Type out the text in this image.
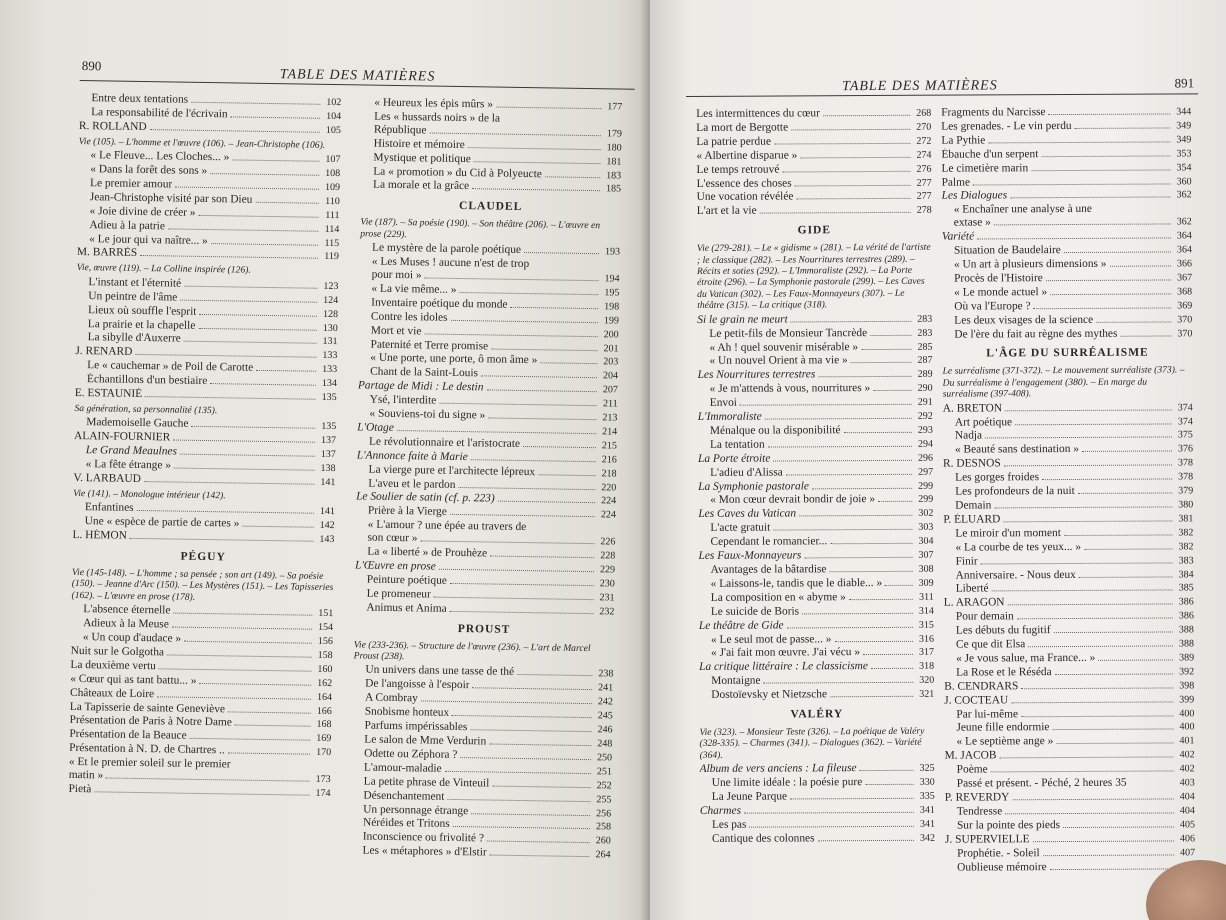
890
TABLE DES MATIÈRES
Entre deux tentations	102
La responsabilité de l'écrivain	104
R. ROLLAND	105
Vie (105). – L'homme et l'œuvre (106). – Jean-Christophe (106).
« Le Fleuve... Les Cloches... »	107
« Dans la forêt des sons »	108
Le premier amour	109
Jean-Christophe visité par son Dieu	110
« Joie divine de créer »	111
Adieu à la patrie	114
« Le jour qui va naître... »	115
M. BARRÈS	119
Vie, œuvre (119). – La Colline inspirée (126).
L'instant et l'éternité	123
Un peintre de l'âme	124
Lieux où souffle l'esprit	128
La prairie et la chapelle	130
La sibylle d'Auxerre	131
J. RENARD	133
Le « cauchemar » de Poil de Carotte	133
Échantillons d'un bestiaire	134
E. ESTAUNIÉ	135
Sa génération, sa personnalité (135).
Mademoiselle Gauche	135
ALAIN-FOURNIER	137
Le Grand Meaulnes	137
« La fête étrange »	138
V. LARBAUD	141
Vie (141). – Monologue intérieur (142).
Enfantines	141
Une « espèce de partie de cartes »	142
L. HÉMON	143
PÉGUY
Vie (145-148). – L'homme ; sa pensée ; son art (149). – Sa poésie (150). – Jeanne d'Arc (150). – Les Mystères (151). – Les Tapisseries (162). – L'œuvre en prose (178).
L'absence éternelle	151
Adieux à la Meuse	154
« Un coup d'audace »	156
Nuit sur le Golgotha	158
La deuxième vertu	160
« Cœur qui as tant battu... »	162
Châteaux de Loire	164
La Tapisserie de sainte Geneviève	166
Présentation de Paris à Notre Dame	168
Présentation de la Beauce	169
Présentation à N. D. de Chartres ..	170
« Et le premier soleil sur le premier
matin »	173
Pietà	174
« Heureux les épis mûrs »	177
Les « hussards noirs » de la
République	179
Histoire et mémoire	180
Mystique et politique	181
La « promotion » du Cid à Polyeucte	183
La morale et la grâce	185
CLAUDEL
Vie (187). – Sa poésie (190). – Son théâtre (206). – L'œuvre en prose (229).
Le mystère de la parole poétique	193
« Les Muses ! aucune n'est de trop
pour moi »	194
« La vie même... »	195
Inventaire poétique du monde	198
Contre les idoles	199
Mort et vie	200
Paternité et Terre promise	201
« Une porte, une porte, ô mon âme »	203
Chant de la Saint-Louis	204
Partage de Midi : Le destin	207
Ysé, l'interdite	211
« Souviens-toi du signe »	213
L'Otage	214
Le révolutionnaire et l'aristocrate	215
L'Annonce faite à Marie	216
La vierge pure et l'architecte lépreux	218
L'aveu et le pardon	220
Le Soulier de satin (cf. p. 223)	224
Prière à la Vierge	224
« L'amour ? une épée au travers de
son cœur »	226
La « liberté » de Prouhèze	228
L'Œuvre en prose	229
Peinture poétique	230
Le promeneur	231
Animus et Anima	232
PROUST
Vie (233-236). – Structure de l'œuvre (236). – L'art de Marcel Proust (238).
Un univers dans une tasse de thé	238
De l'angoisse à l'espoir	241
A Combray	242
Snobisme honteux	245
Parfums impérissables	246
Le salon de Mme Verdurin	248
Odette ou Zéphora ?	250
L'amour-maladie	251
La petite phrase de Vinteuil	252
Désenchantement	255
Un personnage étrange	256
Néréides et Tritons	258
Inconscience ou frivolité ?	260
Les « métaphores » d'Elstir	264
TABLE DES MATIÈRES	891
Les intermittences du cœur	268
La mort de Bergotte	270
La patrie perdue	272
« Albertine disparue »	274
Le temps retrouvé	276
L'essence des choses	277
Une vocation révélée	277
L'art et la vie	278
GIDE
Vie (279-281). – Le « gidisme » (281). – La vérité de l'artiste ; le classique (282). – Les Nourritures terrestres (289). – Récits et soties (292). – L'Immoraliste (292). – La Porte étroite (296). – La Symphonie pastorale (299). – Les Caves du Vatican (302). – Les Faux-Monnayeurs (307). – Le théâtre (315). – La critique (318).
Si le grain ne meurt	283
Le petit-fils de Monsieur Tancrède	283
« Ah ! quel souvenir misérable »	285
« Un nouvel Orient à ma vie »	287
Les Nourritures terrestres	289
« Je m'attends à vous, nourritures »	290
Envoi	291
L'Immoraliste	292
Ménalque ou la disponibilité	293
La tentation	294
La Porte étroite	296
L'adieu d'Alissa	297
La Symphonie pastorale	299
« Mon cœur devrait bondir de joie »	299
Les Caves du Vatican	302
L'acte gratuit	303
Cependant le romancier...	304
Les Faux-Monnayeurs	307
Avantages de la bâtardise	308
« Laissons-le, tandis que le diable... »	309
La composition en « abyme »	311
Le suicide de Boris	314
Le théâtre de Gide	315
« Le seul mot de passe... »	316
« J'ai fait mon œuvre. J'ai vécu »	317
La critique littéraire : Le classicisme	318
Montaigne	320
Dostoïevsky et Nietzsche	321
VALÉRY
Vie (323). – Monsieur Teste (326). – La poétique de Valéry (328-335). – Charmes (341). – Dialogues (362). – Variété (364).
Album de vers anciens : La fileuse	325
Une limite idéale : la poésie pure	330
La Jeune Parque	335
Charmes	341
Les pas	341
Cantique des colonnes	342
Fragments du Narcisse	344
Les grenades. - Le vin perdu	349
La Pythie	349
Ébauche d'un serpent	353
Le cimetière marin	354
Palme	360
Les Dialogues	362
« Enchaîner une analyse à une
extase »	362
Variété	364
Situation de Baudelaire	364
« Un art à plusieurs dimensions »	366
Procès de l'Histoire	367
« Le monde actuel »	368
Où va l'Europe ?	369
Les deux visages de la science	370
De l'ère du fait au règne des mythes	370
L'ÂGE DU SURRÉALISME
Le surréalisme (371-372). – Le mouvement surréaliste (373). – Du surréalisme à l'engagement (380). – En marge du surréalisme (397-408).
A. BRETON	374
Art poétique	374
Nadja	375
« Beauté sans destination »	376
R. DESNOS	378
Les gorges froides	378
Les profondeurs de la nuit	379
Demain	380
P. ÉLUARD	381
Le miroir d'un moment	382
« La courbe de tes yeux... »	382
Finir	383
Anniversaire. - Nous deux	384
Liberté	385
L. ARAGON	386
Pour demain	386
Les débuts du fugitif	388
Ce que dit Elsa	388
« Je vous salue, ma France... »	389
La Rose et le Réséda	392
B. CENDRARS	398
J. COCTEAU	399
Par lui-même	400
Jeune fille endormie	400
« Le septième ange »	401
M. JACOB	402
Poème	402
Passé et présent. - Péché, 2 heures 35	403
P. REVERDY	404
Tendresse	404
Sur la pointe des pieds	405
J. SUPERVIELLE	406
Prophétie. - Soleil	407
Oublieuse mémoire
